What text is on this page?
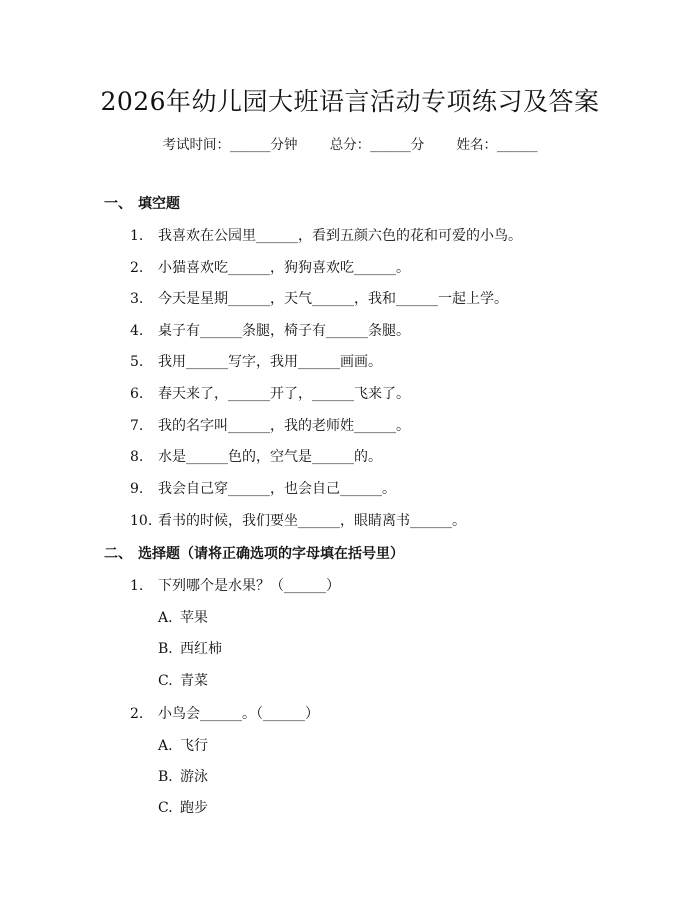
2026年幼儿园大班语言活动专项练习及答案
考试时间：______分钟 总分：______分 姓名：______
一、 填空题
1. 我喜欢在公园里______，看到五颜六色的花和可爱的小鸟。
2. 小猫喜欢吃______，狗狗喜欢吃______。
3. 今天是星期______，天气______，我和______一起上学。
4. 桌子有______条腿，椅子有______条腿。
5. 我用______写字，我用______画画。
6. 春天来了，______开了，______飞来了。
7. 我的名字叫______，我的老师姓______。
8. 水是______色的，空气是______的。
9. 我会自己穿______，也会自己______。
10. 看书的时候，我们要坐______，眼睛离书______。
二、 选择题（请将正确选项的字母填在括号里）
1. 下列哪个是水果？（______）
A. 苹果
B. 西红柿
C. 青菜
2. 小鸟会______。（______）
A. 飞行
B. 游泳
C. 跑步
